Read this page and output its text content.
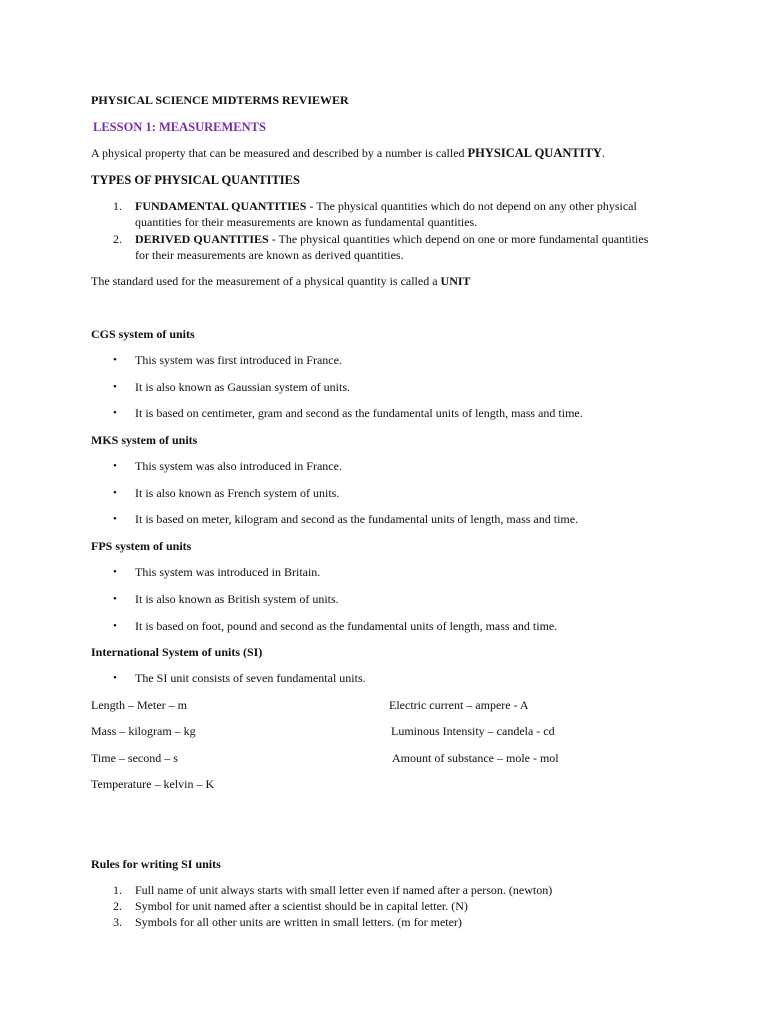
PHYSICAL SCIENCE MIDTERMS REVIEWER
LESSON 1: MEASUREMENTS
A physical property that can be measured and described by a number is called PHYSICAL QUANTITY.
TYPES OF PHYSICAL QUANTITIES
1. FUNDAMENTAL QUANTITIES - The physical quantities which do not depend on any other physical
quantities for their measurements are known as fundamental quantities.
2. DERIVED QUANTITIES - The physical quantities which depend on one or more fundamental quantities
for their measurements are known as derived quantities.
The standard used for the measurement of a physical quantity is called a UNIT
CGS system of units
• This system was first introduced in France.
• It is also known as Gaussian system of units.
• It is based on centimeter, gram and second as the fundamental units of length, mass and time.
MKS system of units
• This system was also introduced in France.
• It is also known as French system of units.
• It is based on meter, kilogram and second as the fundamental units of length, mass and time.
FPS system of units
• This system was introduced in Britain.
• It is also known as British system of units.
• It is based on foot, pound and second as the fundamental units of length, mass and time.
International System of units (SI)
• The SI unit consists of seven fundamental units.
Length – Meter – m	Electric current – ampere - A
Mass – kilogram – kg	Luminous Intensity – candela - cd
Time – second – s	Amount of substance – mole - mol
Temperature – kelvin – K
Rules for writing SI units
1. Full name of unit always starts with small letter even if named after a person. (newton)
2. Symbol for unit named after a scientist should be in capital letter. (N)
3. Symbols for all other units are written in small letters. (m for meter)
